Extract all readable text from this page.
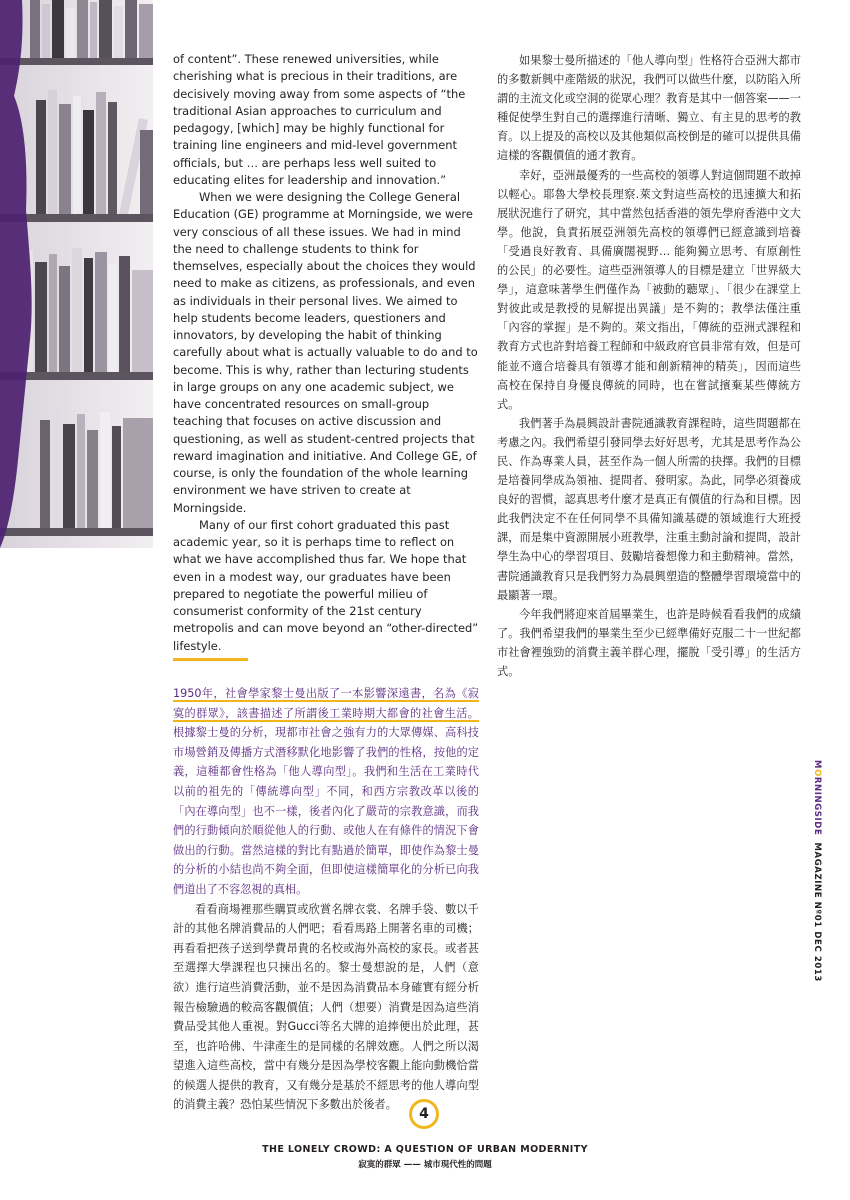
of content”. These renewed universities, while cherishing what is precious in their traditions, are decisively moving away from some aspects of “the traditional Asian approaches to curriculum and pedagogy, [which] may be highly functional for training line engineers and mid-level government officials, but … are perhaps less well suited to educating elites for leadership and innovation.”

When we were designing the College General Education (GE) programme at Morningside, we were very conscious of all these issues. We had in mind the need to challenge students to think for themselves, especially about the choices they would need to make as citizens, as professionals, and even as individuals in their personal lives. We aimed to help students become leaders, questioners and innovators, by developing the habit of thinking carefully about what is actually valuable to do and to become. This is why, rather than lecturing students in large groups on any one academic subject, we have concentrated resources on small-group teaching that focuses on active discussion and questioning, as well as student-centred projects that reward imagination and initiative. And College GE, of course, is only the foundation of the whole learning environment we have striven to create at Morningside.

Many of our first cohort graduated this past academic year, so it is perhaps time to reflect on what we have accomplished thus far. We hope that even in a modest way, our graduates have been prepared to negotiate the powerful milieu of consumerist conformity of the 21st century metropolis and can move beyond an “other-directed” lifestyle.

如果黎士曼所描述的「他人導向型」性格符合亞洲大都市的多數新興中產階級的狀況，我們可以做些什麼，以防陷入所謂的主流文化或空洞的從眾心理？教育是其中一個答案——一種促使學生對自己的選擇進行清晰、獨立、有主見的思考的教育。以上提及的高校以及其他類似高校倒是的確可以提供具備這樣的客觀價值的通才教育。

幸好，亞洲最優秀的一些高校的領導人對這個問題不敢掉以輕心。耶魯大學校長理察.萊文對這些高校的迅速擴大和拓展狀況進行了研究，其中當然包括香港的領先學府香港中文大學。他說，負責拓展亞洲領先高校的領導們已經意識到培養「受過良好教育、具備廣闊視野… 能夠獨立思考、有原創性的公民」的必要性。這些亞洲領導人的目標是建立「世界級大學」，這意味著學生們僅作為「被動的聽眾」、「很少在課堂上對彼此或是教授的見解提出異議」是不夠的；教學法僅注重「內容的掌握」是不夠的。萊文指出，「傳統的亞洲式課程和教育方式也許對培養工程師和中級政府官員非常有效，但是可能並不適合培養具有領導才能和創新精神的精英」，因而這些高校在保持自身優良傳統的同時，也在嘗試擯棄某些傳統方式。

我們著手為晨興設計書院通識教育課程時，這些問題都在考慮之內。我們希望引發同學去好好思考，尤其是思考作為公民、作為專業人員，甚至作為一個人所需的抉擇。我們的目標是培養同學成為領袖、提問者、發明家。為此，同學必須養成良好的習慣，認真思考什麼才是真正有價值的行為和目標。因此我們決定不在任何同學不具備知識基礎的領域進行大班授課，而是集中資源開展小班教學，注重主動討論和提問，設計學生為中心的學習項目、鼓勵培養想像力和主動精神。當然，書院通識教育只是我們努力為晨興塑造的整體學習環境當中的最顯著一環。

今年我們將迎來首屆畢業生，也許是時候看看我們的成績了。我們希望我們的畢業生至少已經準備好克服二十一世紀都市社會裡強勁的消費主義羊群心理，擺脫「受引導」的生活方式。

1950年，社會學家黎士曼出版了一本影響深遠書，名為《寂寞的群眾》，該書描述了所謂後工業時期大都會的社會生活。根據黎士曼的分析，現都市社會之強有力的大眾傳媒、高科技市場營銷及傳播方式潛移默化地影響了我們的性格，按他的定義，這種都會性格為「他人導向型」。我們和生活在工業時代以前的祖先的「傳統導向型」不同，和西方宗教改革以後的「內在導向型」也不一樣，後者內化了嚴苛的宗教意識，而我們的行動傾向於順從他人的行動、或他人在有條件的情況下會做出的行動。當然這樣的對比有點過於簡單，即使作為黎士曼的分析的小結也尚不夠全面，但即使這樣簡單化的分析已向我們道出了不容忽視的真相。

看看商場裡那些購買或欣賞名牌衣裳、名牌手袋、數以千計的其他名牌消費品的人們吧；看看馬路上開著名車的司機；再看看把孩子送到學費昂貴的名校或海外高校的家長。或者甚至選擇大學課程也只揀出名的。黎士曼想說的是，人們（意欲）進行這些消費活動，並不是因為消費品本身確實有經分析報告檢驗過的較高客觀價值；人們（想要）消費是因為這些消費品受其他人重視。對Gucci等名大牌的追捧便出於此理，甚至，也許哈佛、牛津產生的是同樣的名牌效應。人們之所以渴望進入這些高校，當中有幾分是因為學校客觀上能向動機恰當的候選人提供的教育，又有幾分是基於不經思考的他人導向型的消費主義？恐怕某些情況下多數出於後者。

MORNINGSIDE  MAGAZINE Nº01 DEC 2013
4
THE LONELY CROWD: A QUESTION OF URBAN MODERNITY
寂寞的群眾 —— 城市現代性的問題
